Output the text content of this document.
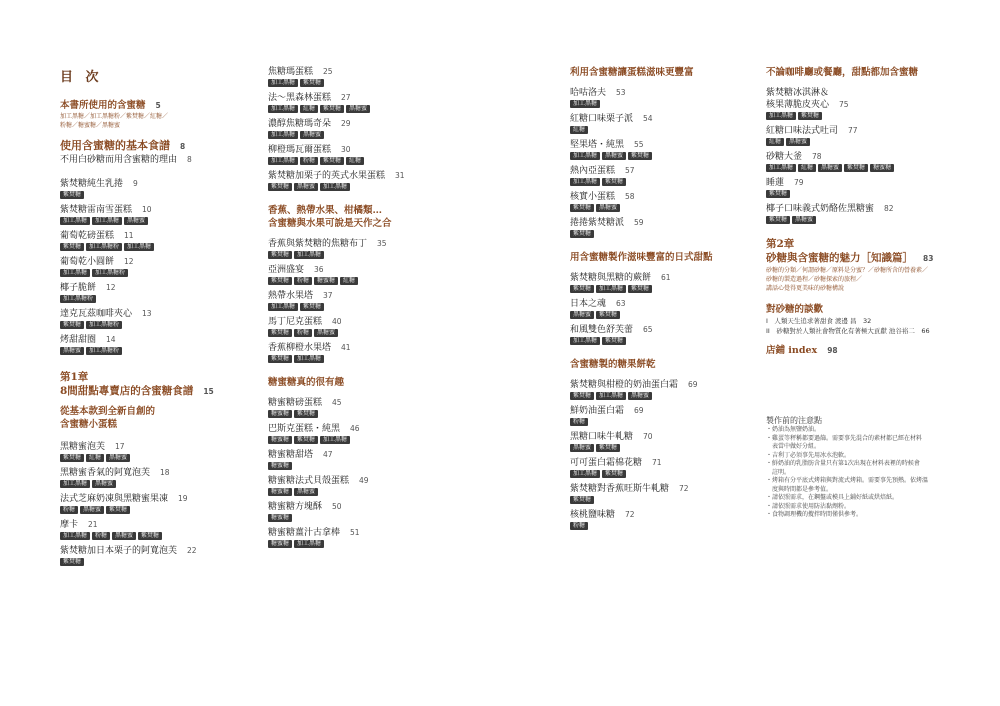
目 次
本書所使用的含蜜糖 5
加工黑糖／加工黑糖粉／紫焚糖／紅糖／
粉糖／糖蜜糖／黑糖蜜
使用含蜜糖的基本食譜 8
不用白砂糖而用含蜜糖的理由 8
紫焚糖純生乳捲 9
紫焚糖
紫焚糖雷南雪蛋糕 10
加工黑糖 加工黑糖 黑糖蜜
葡萄乾磅蛋糕 11
紫焚糖 加工黑糖粉 加工黑糖
葡萄乾小圓餅 12
加工黑糖 加工黑糖粉
椰子脆餅 12
加工黑糖粉
達克瓦茲咖啡夾心 13
紫焚糖 加工黑糖粉
烤甜甜圈 14
黑糖蜜 加工黑糖粉
第1章
8間甜點專賣店的含蜜糖食譜 15
從基本款到全新自創的
含蜜糖小蛋糕
黑糖蜜泡芙 17
紫焚糖 紅糖 黑糖蜜
黑糖蜜香氣的阿寬泡芙 18
加工黑糖 黑糖蜜
法式芝麻奶凍與黑糖蜜果凍 19
粉糖 黑糖蜜 紫焚糖
摩卡 21
加工黑糖 粉糖 黑糖蜜 紫焚糖
紫焚糖加日本栗子的阿寬泡芙 22
紫焚糖
焦糖瑪蛋糕 25
加工黑糖 紫焚糖
法～黑森林蛋糕 27
加工黑糖 紅糖 紫焚糖 黑糖蜜
濃醇焦糖瑪奇朵 29
加工黑糖 黑糖蜜
柳橙瑪瓦爾蛋糕 30
加工黑糖 粉糖 紫焚糖 紅糖
紫焚糖加栗子的英式水果蛋糕 31
紫焚糖 黑糖蜜 加工黑糖
香蕉、熱帶水果、柑橘類…
含蜜糖與水果可說是天作之合
香蕉與紫焚糖的焦糖布丁 35
紫焚糖 加工黑糖
亞洲盛宴 36
紫焚糖 粉糖 糖蜜糖 紅糖
熱帶水果塔 37
加工黑糖 紫焚糖
馬丁尼克蛋糕 40
紫焚糖 粉糖 黑糖蜜
香蕉柳橙水果塔 41
紫焚糖 加工黑糖
糖蜜糖真的很有趣
糖蜜糖磅蛋糕 45
糖蜜糖 紫焚糖
巴斯克蛋糕・純黑 46
糖蜜糖 紫焚糖 加工黑糖
糖蜜糖甜塔 47
糖蜜糖
糖蜜糖法式貝殼蛋糕 49
糖蜜糖 黑糖蜜
糖蜜糖方塊酥 50
糖蜜糖
糖蜜糖薑汁古拿棒 51
糖蜜糖 加工黑糖
利用含蜜糖讓蛋糕滋味更豐富
哈咕洛夫 53
加工黑糖
紅糖口味栗子派 54
紅糖
堅果塔・純黑 55
加工黑糖 黑糖蜜 紫焚糖
熱內亞蛋糕 57
加工黑糖 紫焚糖
核實小蛋糕 58
紫焚糖 黑糖蜜
捲捲紫焚糖派 59
紫焚糖
用含蜜糖製作滋味豐富的日式甜點
紫焚糖與黑糖的蕨餅 61
紫焚糖 加工黑糖 紫焚糖
日本之魂 63
黑糖蜜 紫焚糖
和風雙色舒芙蕾 65
加工黑糖 紫焚糖
含蜜糖製的糖果餅乾
紫焚糖與柑橙的奶油蛋白霜 69
紫焚糖 加工黑糖 黑糖蜜
鮮奶油蛋白霜 69
粉糖
黑糖口味牛軋糖 70
黑糖蜜 紫焚糖
可可蛋白霜棉花糖 71
加工黑糖 紫焚糖
紫焚糖對香蕉旺斯牛軋糖 72
紫焚糖
核桃鹽味糖 72
粉糖
不論咖啡廳或餐廳，甜點都加含蜜糖
紫焚糖冰淇淋＆
核果薄脆皮夾心 75
加工黑糖 紫焚糖
紅糖口味法式吐司 77
紅糖 黑糖蜜
砂糖大釜 78
加工黑糖 紅糖 黑糖蜜 紫焚糖 糖蜜糖
睡蓮 79
紫焚糖
椰子口味義式奶酪佐黑糖蜜 82
紫焚糖 黑糖蜜
第2章
砂糖與含蜜糖的魅力［知識篇］ 83
砂糖的分類／何謂砂糖／原料是分蜜？／砂糖所含的營養素／
砂糖的製造過程／砂糖探索的旅程／
講話心覺得更美味的砂糖構說
對砂糖的談歡
I　人類天生追求著甜食 渡邊 昌　32
II　砂糖對於人類社會物質化有著極大貢獻 池谷裕二　66
店鋪 index 98
製作前的注意點
・奶油為無鹽奶油。
・雞蛋等秤稱都要過篩。需要事先混合的素材都已經在材料
　表當中做好分組。
・吉利丁必須事先用冰水泡軟。
・鮮奶油的乳脂肪含量只有第1次出現在材料表裡的時候會
　註明。
・烤箱有分平底式烤箱與對流式烤箱。需要事先預熱。依烤溫
　度與時間都是參考值。
・請依照需求，在鋼盤或模具上鋪好紙或烘焙紙。
・請依照需求使用防沾黏劑粉。
・食物調理機的攪拌時間僅供參考。
